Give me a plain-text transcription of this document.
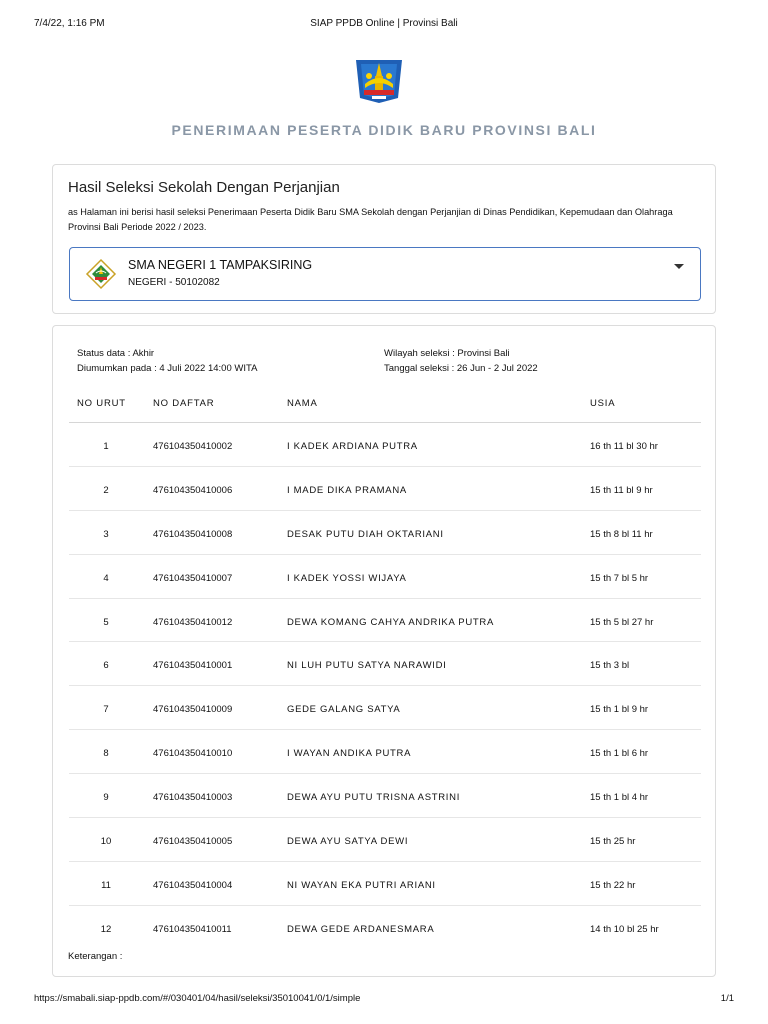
7/4/22, 1:16 PM	SIAP PPDB Online | Provinsi Bali
PENERIMAAN PESERTA DIDIK BARU PROVINSI BALI
Hasil Seleksi Sekolah Dengan Perjanjian
as Halaman ini berisi hasil seleksi Penerimaan Peserta Didik Baru SMA Sekolah dengan Perjanjian di Dinas Pendidikan, Kepemudaan dan Olahraga Provinsi Bali Periode 2022 / 2023.
SMA NEGERI 1 TAMPAKSIRING
NEGERI - 50102082
Status data : Akhir
Diumumkan pada : 4 Juli 2022 14:00 WITA
Wilayah seleksi : Provinsi Bali
Tanggal seleksi : 26 Jun - 2 Jul 2022
NO URUT	NO DAFTAR	NAMA	USIA
1	476104350410002	I KADEK ARDIANA PUTRA	16 th 11 bl 30 hr
2	476104350410006	I MADE DIKA PRAMANA	15 th 11 bl 9 hr
3	476104350410008	DESAK PUTU DIAH OKTARIANI	15 th 8 bl 11 hr
4	476104350410007	I KADEK YOSSI WIJAYA	15 th 7 bl 5 hr
5	476104350410012	DEWA KOMANG CAHYA ANDRIKA PUTRA	15 th 5 bl 27 hr
6	476104350410001	NI LUH PUTU SATYA NARAWIDI	15 th 3 bl
7	476104350410009	GEDE GALANG SATYA	15 th 1 bl 9 hr
8	476104350410010	I WAYAN ANDIKA PUTRA	15 th 1 bl 6 hr
9	476104350410003	DEWA AYU PUTU TRISNA ASTRINI	15 th 1 bl 4 hr
10	476104350410005	DEWA AYU SATYA DEWI	15 th 25 hr
11	476104350410004	NI WAYAN EKA PUTRI ARIANI	15 th 22 hr
12	476104350410011	DEWA GEDE ARDANESMARA	14 th 10 bl 25 hr
Keterangan :
https://smabali.siap-ppdb.com/#/030401/04/hasil/seleksi/35010041/0/1/simple	1/1
